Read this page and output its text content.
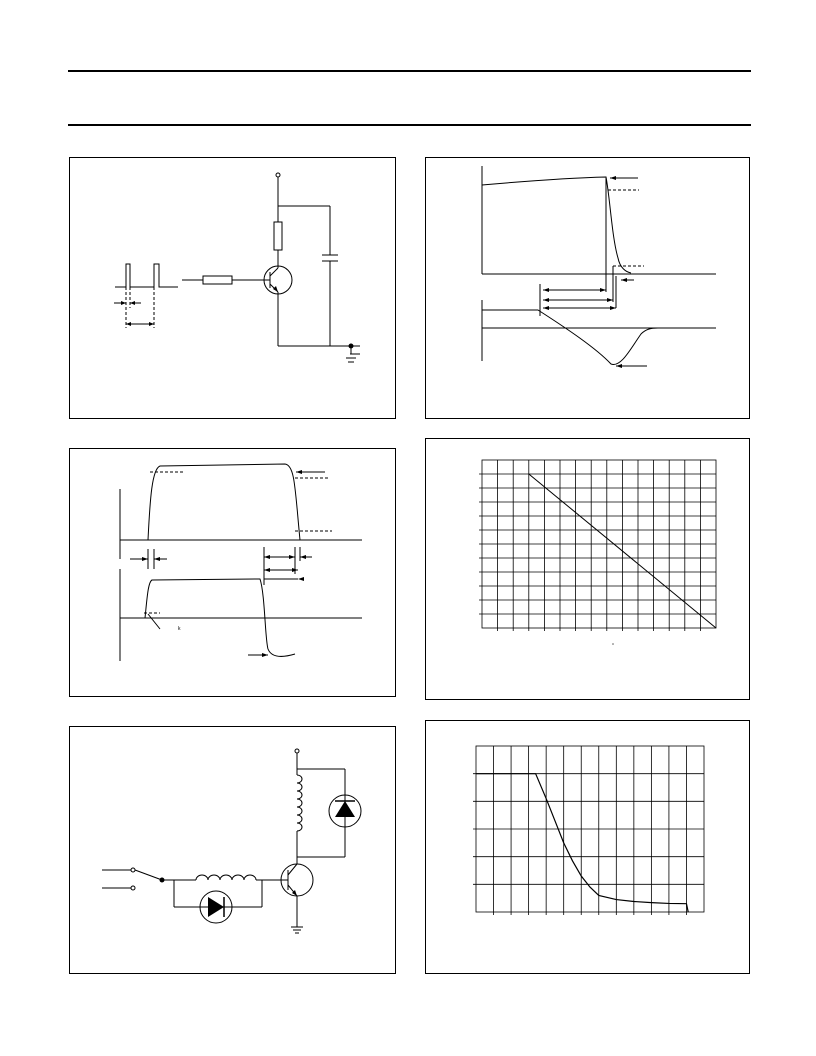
k
°
